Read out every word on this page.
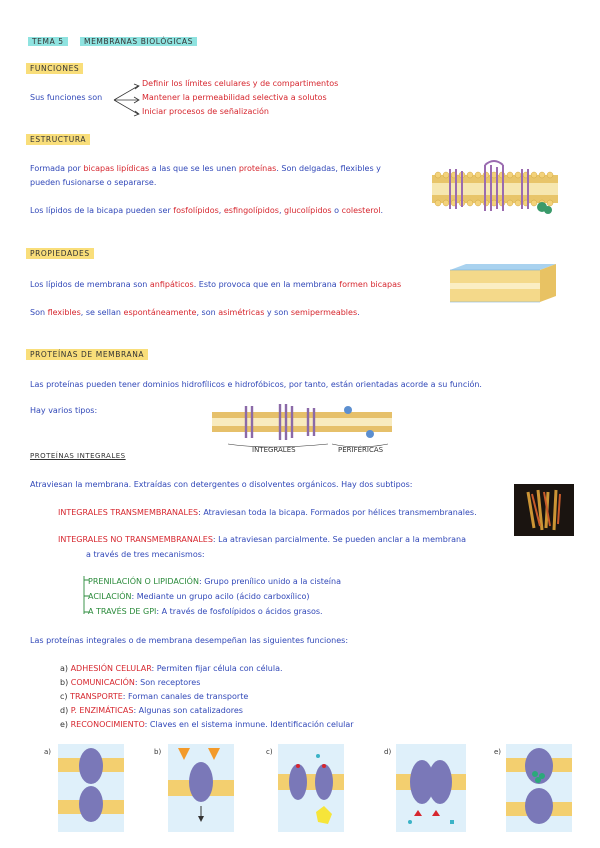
TEMA 5	MEMBRANAS BIOLÓGICAS
FUNCIONES
Sus funciones son
Definir los límites celulares y de compartimentos
Mantener la permeabilidad selectiva a solutos
Iniciar procesos de señalización
ESTRUCTURA
Formada por bicapas lipídicas a las que se les unen proteínas. Son delgadas, flexibles y
pueden fusionarse o separarse.
Los lípidos de la bicapa pueden ser fosfolípidos, esfingolípidos, glucolípidos o colesterol.
PROPIEDADES
Los lípidos de membrana son anfipáticos. Esto provoca que en la membrana formen bicapas
Son flexibles, se sellan espontáneamente, son asimétricas y son semipermeables.
PROTEÍNAS DE MEMBRANA
Las proteínas pueden tener dominios hidrofílicos e hidrofóbicos, por tanto, están orientadas acorde a su función.
Hay varios tipos:
INTEGRALES	PERIFÉRICAS
PROTEÍNAS INTEGRALES
Atraviesan la membrana. Extraídas con detergentes o disolventes orgánicos. Hay dos subtipos:
INTEGRALES TRANSMEMBRANALES: Atraviesan toda la bicapa. Formados por hélices transmembranales.
INTEGRALES NO TRANSMEMBRANALES: La atraviesan parcialmente. Se pueden anclar a la membrana
a través de tres mecanismos:
PRENILACIÓN O LIPIDACIÓN: Grupo prenílico unido a la cisteína
ACILACIÓN: Mediante un grupo acilo (ácido carboxílico)
A TRAVÉS DE GPI: A través de fosfolípidos o ácidos grasos.
Las proteínas integrales o de membrana desempeñan las siguientes funciones:
a) ADHESIÓN CELULAR: Permiten fijar célula con célula.
b) COMUNICACIÓN: Son receptores
c) TRANSPORTE: Forman canales de transporte
d) P. ENZIMÁTICAS: Algunas son catalizadores
e) RECONOCIMIENTO: Claves en el sistema inmune. Identificación celular
a)	b)	c)	d)	e)
